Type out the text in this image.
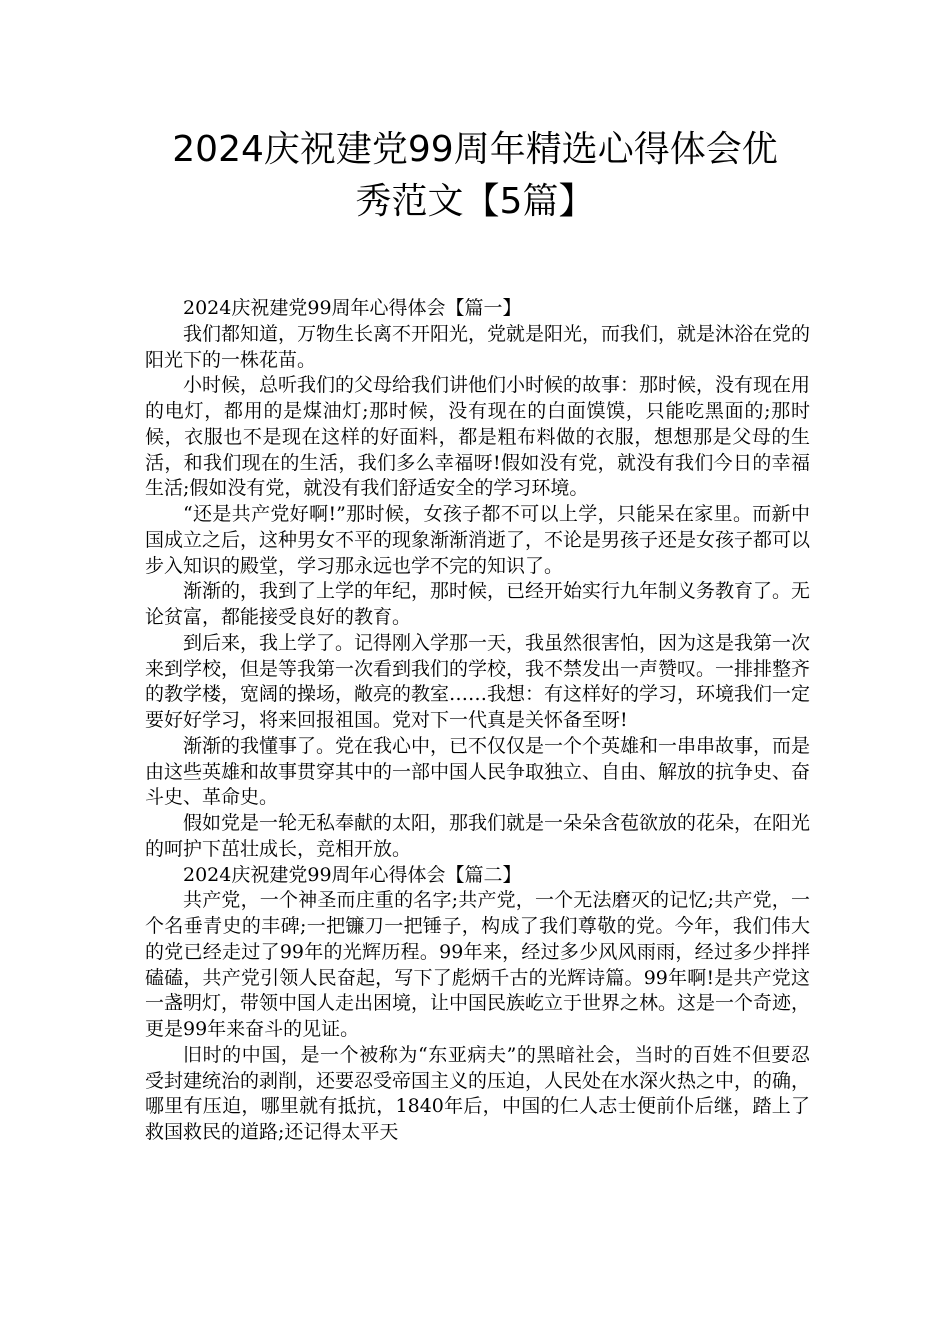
2024庆祝建党99周年精选心得体会优
秀范文【5篇】

2024庆祝建党99周年心得体会【篇一】

我们都知道，万物生长离不开阳光，党就是阳光，而我们，就是沐浴在党的阳光下的一株花苗。

小时候，总听我们的父母给我们讲他们小时候的故事：那时候，没有现在用的电灯，都用的是煤油灯;那时候，没有现在的白面馍馍，只能吃黑面的;那时候，衣服也不是现在这样的好面料，都是粗布料做的衣服，想想那是父母的生活，和我们现在的生活，我们多么幸福呀!假如没有党，就没有我们今日的幸福生活;假如没有党，就没有我们舒适安全的学习环境。

“还是共产党好啊!”那时候，女孩子都不可以上学，只能呆在家里。而新中国成立之后，这种男女不平的现象渐渐消逝了，不论是男孩子还是女孩子都可以步入知识的殿堂，学习那永远也学不完的知识了。

渐渐的，我到了上学的年纪，那时候，已经开始实行九年制义务教育了。无论贫富，都能接受良好的教育。

到后来，我上学了。记得刚入学那一天，我虽然很害怕，因为这是我第一次来到学校，但是等我第一次看到我们的学校，我不禁发出一声赞叹。一排排整齐的教学楼，宽阔的操场，敞亮的教室……我想：有这样好的学习，环境我们一定要好好学习，将来回报祖国。党对下一代真是关怀备至呀!

渐渐的我懂事了。党在我心中，已不仅仅是一个个英雄和一串串故事，而是由这些英雄和故事贯穿其中的一部中国人民争取独立、自由、解放的抗争史、奋斗史、革命史。

假如党是一轮无私奉献的太阳，那我们就是一朵朵含苞欲放的花朵，在阳光的呵护下茁壮成长，竞相开放。

2024庆祝建党99周年心得体会【篇二】

共产党，一个神圣而庄重的名字;共产党，一个无法磨灭的记忆;共产党，一个名垂青史的丰碑;一把镰刀一把锤子，构成了我们尊敬的党。今年，我们伟大的党已经走过了99年的光辉历程。99年来，经过多少风风雨雨，经过多少拌拌磕磕，共产党引领人民奋起，写下了彪炳千古的光辉诗篇。99年啊!是共产党这一盏明灯，带领中国人走出困境，让中国民族屹立于世界之林。这是一个奇迹，更是99年来奋斗的见证。

旧时的中国，是一个被称为“东亚病夫”的黑暗社会，当时的百姓不但要忍受封建统治的剥削，还要忍受帝国主义的压迫，人民处在水深火热之中，的确，哪里有压迫，哪里就有抵抗，1840年后，中国的仁人志士便前仆后继，踏上了救国救民的道路;还记得太平天
